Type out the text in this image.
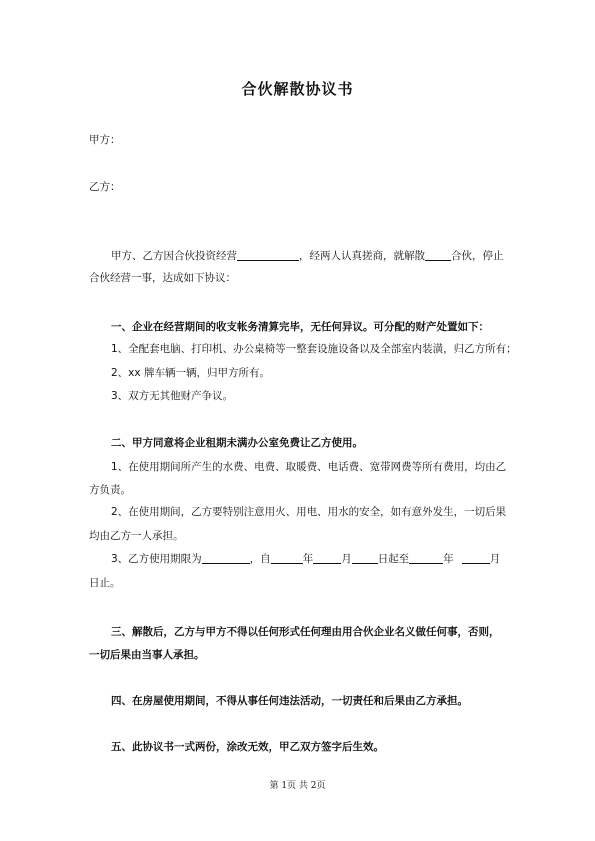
合伙解散协议书
甲方：
乙方：
甲方、乙方因合伙投资经营	，经两人认真搓商，就解散 合伙，停止
合伙经营一事，达成如下协议：
一、企业在经营期间的收支帐务清算完毕，无任何异议。可分配的财产处置如下：
1、全配套电脑、打印机、办公桌椅等一整套设施设备以及全部室内装潢，归乙方所有；
2、xx 牌车辆一辆，归甲方所有。
3、双方无其他财产争议。
二、甲方同意将企业租期未满办公室免费让乙方使用。
1、在使用期间所产生的水费、电费、取暖费、电话费、宽带网费等所有费用，均由乙
方负责。
2、在使用期间，乙方要特别注意用火、用电、用水的安全，如有意外发生，一切后果
均由乙方一人承担。
3、乙方使用期限为	，自	年	月 日起至	年	月
日止。
三、解散后，乙方与甲方不得以任何形式任何理由用合伙企业名义做任何事，否则，
一切后果由当事人承担。
四、在房屋使用期间，不得从事任何违法活动，一切责任和后果由乙方承担。
五、此协议书一式两份，涂改无效，甲乙双方签字后生效。
第 1页 共 2页
